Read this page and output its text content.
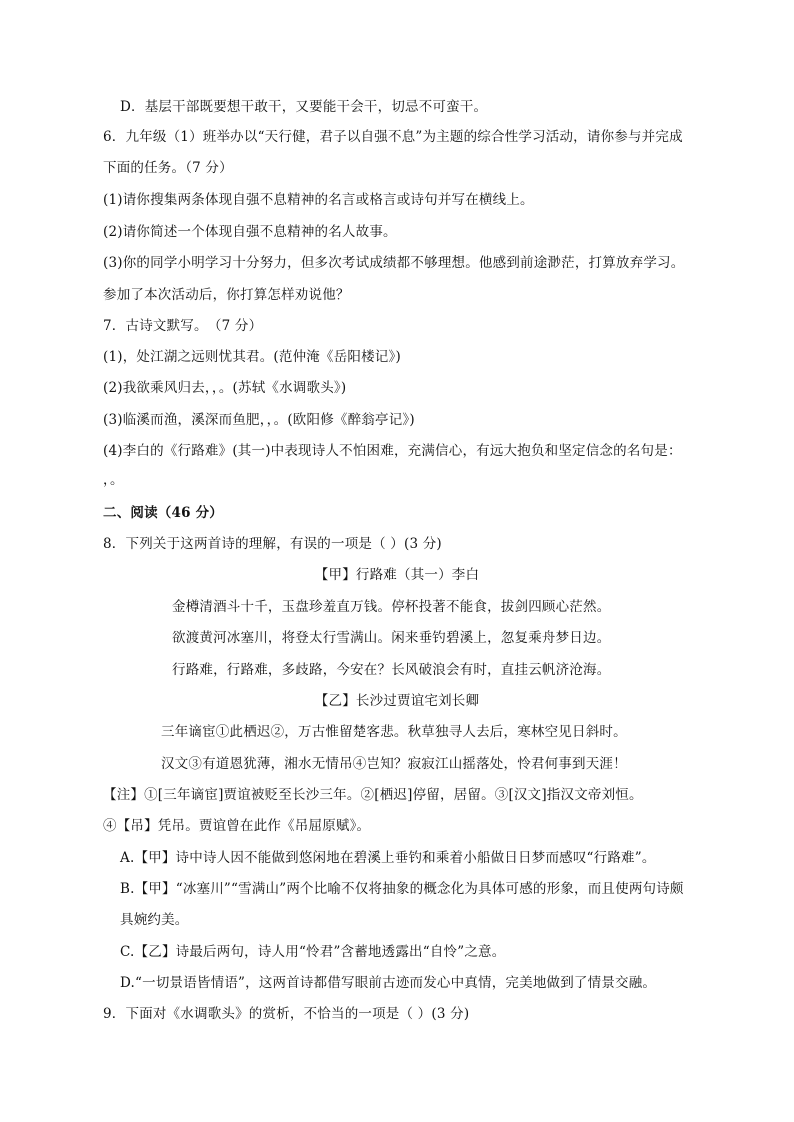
D．基层干部既要想干敢干，又要能干会干，切忌不可蛮干。
6．九年级（1）班举办以“天行健，君子以自强不息”为主题的综合性学习活动，请你参与并完成
下面的任务。（7 分）
(1)请你搜集两条体现自强不息精神的名言或格言或诗句并写在横线上。
(2)请你简述一个体现自强不息精神的名人故事。
(3)你的同学小明学习十分努力，但多次考试成绩都不够理想。他感到前途渺茫，打算放弃学习。
参加了本次活动后，你打算怎样劝说他？
7．古诗文默写。　（7 分）
(1)，处江湖之远则忧其君。(范仲淹《岳阳楼记》)
(2)我欲乘风归去，，。(苏轼《水调歌头》)
(3)临溪而渔，溪深而鱼肥，，。(欧阳修《醉翁亭记》)
(4)李白的《行路难》(其一)中表现诗人不怕困难，充满信心，有远大抱负和坚定信念的名句是：
，。
二、阅读（46 分）
8．下列关于这两首诗的理解，有误的一项是（ ）(3 分)
【甲】行路难（其一）李白
金樽清酒斗十千，玉盘珍羞直万钱。停杯投著不能食，拔剑四顾心茫然。
欲渡黄河冰塞川，将登太行雪满山。闲来垂钓碧溪上，忽复乘舟梦日边。
行路难，行路难，多歧路，今安在？长风破浪会有时，直挂云帆济沧海。
【乙】长沙过贾谊宅刘长卿
三年谪宦①此栖迟②，万古惟留楚客悲。秋草独寻人去后，寒林空见日斜时。
汉文③有道恩犹薄，湘水无情吊④岂知？寂寂江山摇落处，怜君何事到天涯！
【注】①[三年谪宦]贾谊被贬至长沙三年。②[栖迟]停留，居留。③[汉文]指汉文帝刘恒。
④【吊】凭吊。贾谊曾在此作《吊屈原赋》。
A.【甲】诗中诗人因不能做到悠闲地在碧溪上垂钓和乘着小船做日日梦而感叹“行路难”。
B.【甲】“冰塞川”“雪满山”两个比喻不仅将抽象的概念化为具体可感的形象，而且使两句诗颇
具婉约美。
C.【乙】诗最后两句，诗人用“怜君”含蓄地透露出“自怜”之意。
D.“一切景语皆情语”，这两首诗都借写眼前古迹而发心中真情，完美地做到了情景交融。
9．下面对《水调歌头》的赏析，不恰当的一项是（ ）(3 分)
